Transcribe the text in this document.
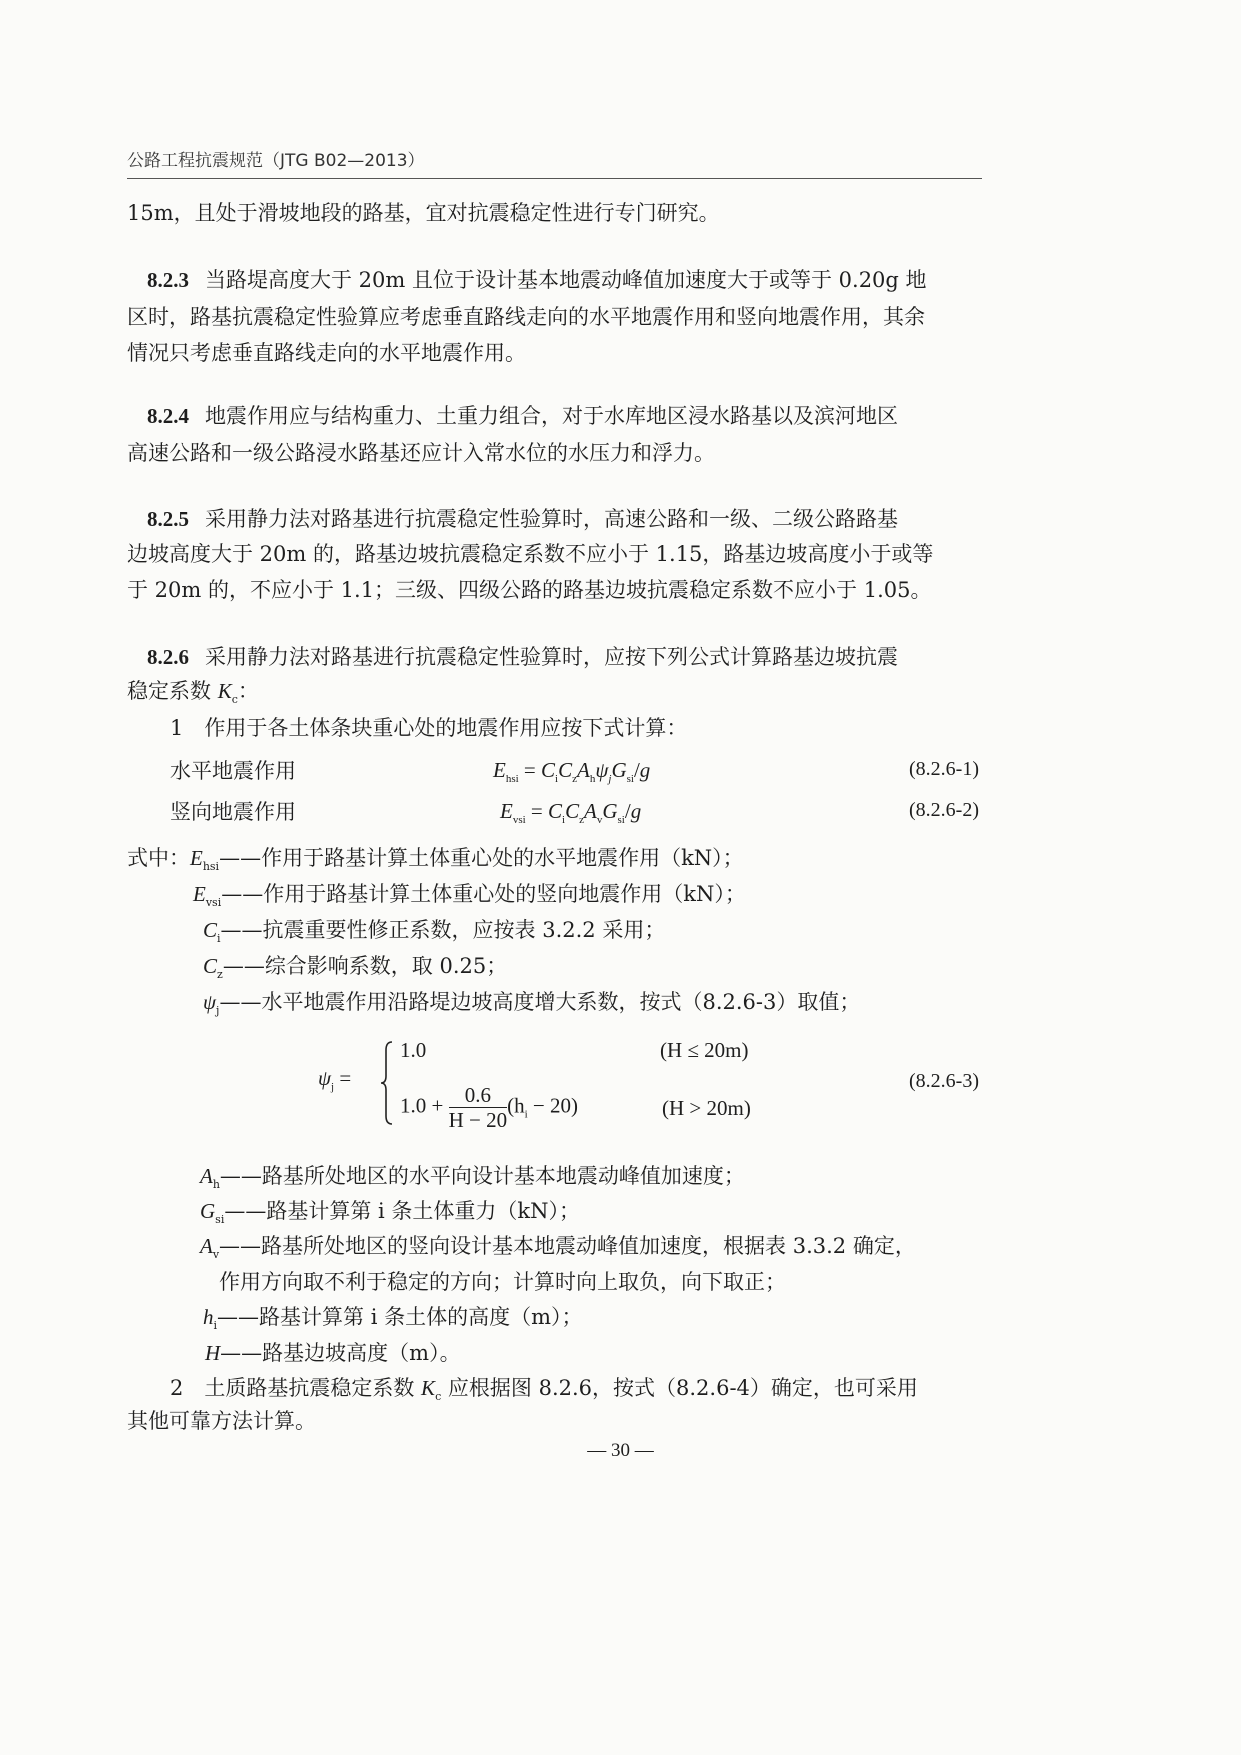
公路工程抗震规范（JTG B02—2013）
15m，且处于滑坡地段的路基，宜对抗震稳定性进行专门研究。
8.2.3 当路堤高度大于 20m 且位于设计基本地震动峰值加速度大于或等于 0.20g 地
区时，路基抗震稳定性验算应考虑垂直路线走向的水平地震作用和竖向地震作用，其余
情况只考虑垂直路线走向的水平地震作用。
8.2.4 地震作用应与结构重力、土重力组合，对于水库地区浸水路基以及滨河地区
高速公路和一级公路浸水路基还应计入常水位的水压力和浮力。
8.2.5 采用静力法对路基进行抗震稳定性验算时，高速公路和一级、二级公路路基
边坡高度大于 20m 的，路基边坡抗震稳定系数不应小于 1.15，路基边坡高度小于或等
于 20m 的，不应小于 1.1；三级、四级公路的路基边坡抗震稳定系数不应小于 1.05。
8.2.6 采用静力法对路基进行抗震稳定性验算时，应按下列公式计算路基边坡抗震
稳定系数 $K_c$：
1　作用于各土体条块重心处的地震作用应按下式计算：
水平地震作用	$E_{hsi} = C_iC_zA_h\psi_jG_{si}/g$	(8.2.6-1)
竖向地震作用	$E_{vsi} = C_iC_zA_vG_{si}/g$	(8.2.6-2)
式中：$E_{hsi}——$作用于路基计算土体重心处的水平地震作用（kN）；
$E_{vsi}——$作用于路基计算土体重心处的竖向地震作用（kN）；
$C_i——$抗震重要性修正系数，应按表 3.2.2 采用；
$C_z——$综合影响系数，取 0.25；
$\psi_j——$水平地震作用沿路堤边坡高度增大系数，按式（8.2.6-3）取值；
$\psi_j$ =
1.0	(H ≤ 20m)
$1.0 + \frac{0.6}{H - 20} (h_i - 20)$	(H > 20m)
(8.2.6-3)
$A_h——$路基所处地区的水平向设计基本地震动峰值加速度；
$G_{si}——$路基计算第 i 条土体重力（kN）；
$A_v——$路基所处地区的竖向设计基本地震动峰值加速度，根据表 3.3.2 确定，
作用方向取不利于稳定的方向；计算时向上取负，向下取正；
$h_i——$路基计算第 i 条土体的高度（m）；
H——路基边坡高度（m）。
2　土质路基抗震稳定系数 $K_c$ 应根据图 8.2.6，按式（8.2.6-4）确定，也可采用
其他可靠方法计算。
— 30 —
